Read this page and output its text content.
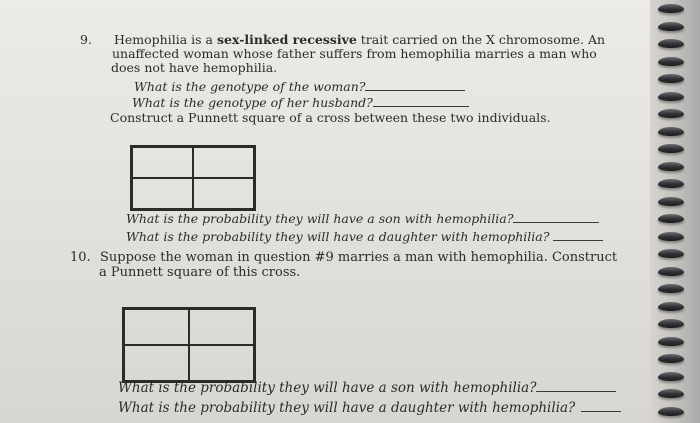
9. Hemophilia is a sex-linked recessive trait carried on the X chromosome. An
unaffected woman whose father suffers from hemophilia marries a man who
does not have hemophilia.
What is the genotype of the woman?
What is the genotype of her husband?
Construct a Punnett square of a cross between these two individuals.
What is the probability they will have a son with hemophilia?
What is the probability they will have a daughter with hemophilia?
10. Suppose the woman in question #9 marries a man with hemophilia. Construct
a Punnett square of this cross.
What is the probability they will have a son with hemophilia?
What is the probability they will have a daughter with hemophilia?
